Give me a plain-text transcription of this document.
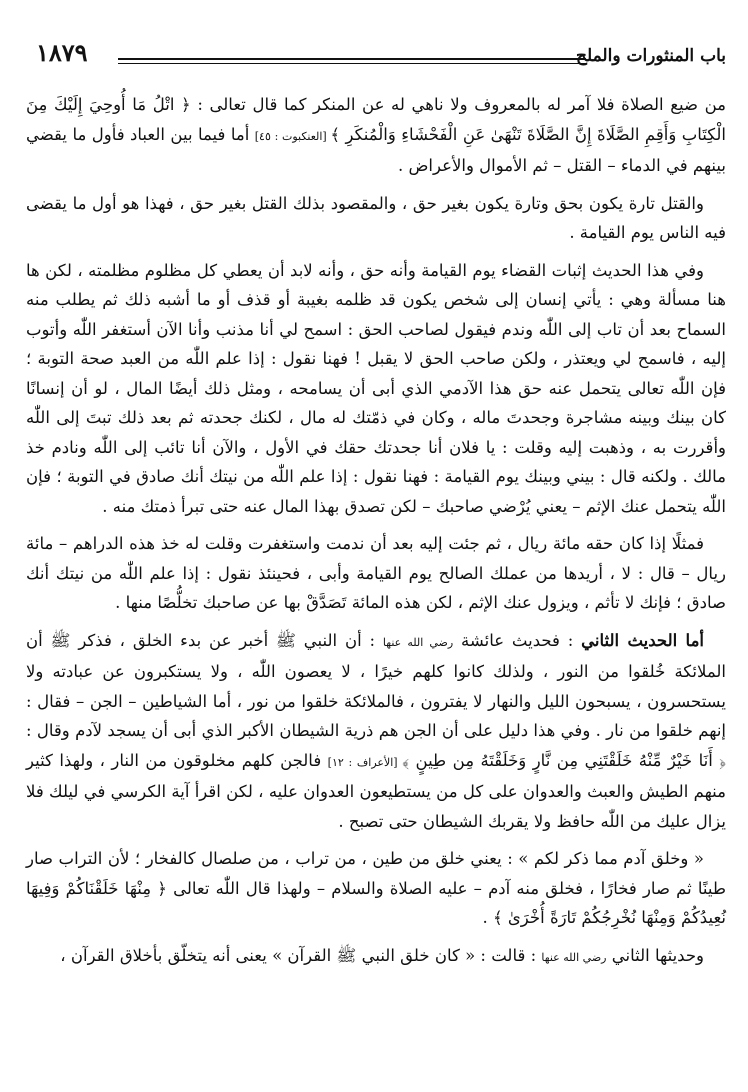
باب المنثورات والملح
١٨٧٩

من ضيع الصلاة فلا آمر له بالمعروف ولا ناهي له عن المنكر كما قال تعالى : ﴿ اتْلُ مَا أُوحِيَ إِلَيْكَ مِنَ الْكِتَابِ وَأَقِمِ الصَّلَاةَ إِنَّ الصَّلَاةَ تَنْهَىٰ عَنِ الْفَحْشَاءِ وَالْمُنكَرِ ﴾ [العنكبوت : ٤٥] أما فيما بين العباد فأول ما يقضي بينهم في الدماء – القتل – ثم الأموال والأعراض .

والقتل تارة يكون بحق وتارة يكون بغير حق ، والمقصود بذلك القتل بغير حق ، فهذا هو أول ما يقضى فيه الناس يوم القيامة .

وفي هذا الحديث إثبات القضاء يوم القيامة وأنه حق ، وأنه لابد أن يعطي كل مظلوم مظلمته ، لكن ها هنا مسألة وهي : يأتي إنسان إلى شخص يكون قد ظلمه بغيبة أو قذف أو ما أشبه ذلك ثم يطلب منه السماح بعد أن تاب إلى اللّٰه وندم فيقول لصاحب الحق : اسمح لي أنا مذنب وأنا الآن أستغفر اللّٰه وأتوب إليه ، فاسمح لي ويعتذر ، ولكن صاحب الحق لا يقبل ! فهنا نقول : إذا علم اللّٰه من العبد صحة التوبة ؛ فإن اللّٰه تعالى يتحمل عنه حق هذا الآدمي الذي أبى أن يسامحه ، ومثل ذلك أيضًا المال ، لو أن إنسانًا كان بينك وبينه مشاجرة وجحدتَ ماله ، وكان في ذمّتك له مال ، لكنك جحدته ثم بعد ذلك تبتَ إلى اللّٰه وأقررت به ، وذهبت إليه وقلت : يا فلان أنا جحدتك حقك في الأول ، والآن أنا تائب إلى اللّٰه ونادم خذ مالك . ولكنه قال : بيني وبينك يوم القيامة : فهنا نقول : إذا علم اللّٰه من نيتك أنك صادق في التوبة ؛ فإن اللّٰه يتحمل عنك الإثم – يعني يُرْضي صاحبك – لكن تصدق بهذا المال عنه حتى تبرأ ذمتك منه .

فمثلًا إذا كان حقه مائة ريال ، ثم جئت إليه بعد أن ندمت واستغفرت وقلت له خذ هذه الدراهم – مائة ريال – قال : لا ، أريدها من عملك الصالح يوم القيامة وأبى ، فحينئذ نقول : إذا علم اللّٰه من نيتك أنك صادق ؛ فإنك لا تأثم ، ويزول عنك الإثم ، لكن هذه المائة تَصَدَّقْ بها عن صاحبك تخلُّصًا منها .

أما الحديث الثاني : فحديث عائشة رضي الله عنها : أن النبي ﷺ أخبر عن بدء الخلق ، فذكر ﷺ أن الملائكة خُلقوا من النور ، ولذلك كانوا كلهم خيرًا ، لا يعصون اللّٰه ، ولا يستكبرون عن عبادته ولا يستحسرون ، يسبحون الليل والنهار لا يفترون ، فالملائكة خلقوا من نور ، أما الشياطين – الجن – فقال : إنهم خلقوا من نار . وفي هذا دليل على أن الجن هم ذرية الشيطان الأكبر الذي أبى أن يسجد لآدم وقال : ﴿ أَنَا خَيْرٌ مِّنْهُ خَلَقْتَنِي مِن نَّارٍ وَخَلَقْتَهُ مِن طِينٍ ﴾ [الأعراف : ١٢] فالجن كلهم مخلوقون من النار ، ولهذا كثير منهم الطيش والعبث والعدوان على كل من يستطيعون العدوان عليه ، لكن اقرأ آية الكرسي في ليلك فلا يزال عليك من اللّٰه حافظ ولا يقربك الشيطان حتى تصبح .

« وخلق آدم مما ذكر لكم » : يعني خلق من طين ، من تراب ، من صلصال كالفخار ؛ لأن التراب صار طينًا ثم صار فخارًا ، فخلق منه آدم – عليه الصلاة والسلام – ولهذا قال اللّٰه تعالى ﴿ مِنْهَا خَلَقْنَاكُمْ وَفِيهَا نُعِيدُكُمْ وَمِنْهَا نُخْرِجُكُمْ تَارَةً أُخْرَىٰ ﴾ .

وحديثها الثاني رضي الله عنها : قالت : « كان خلق النبي ﷺ القرآن » يعنى أنه يتخلّق بأخلاق القرآن ،
